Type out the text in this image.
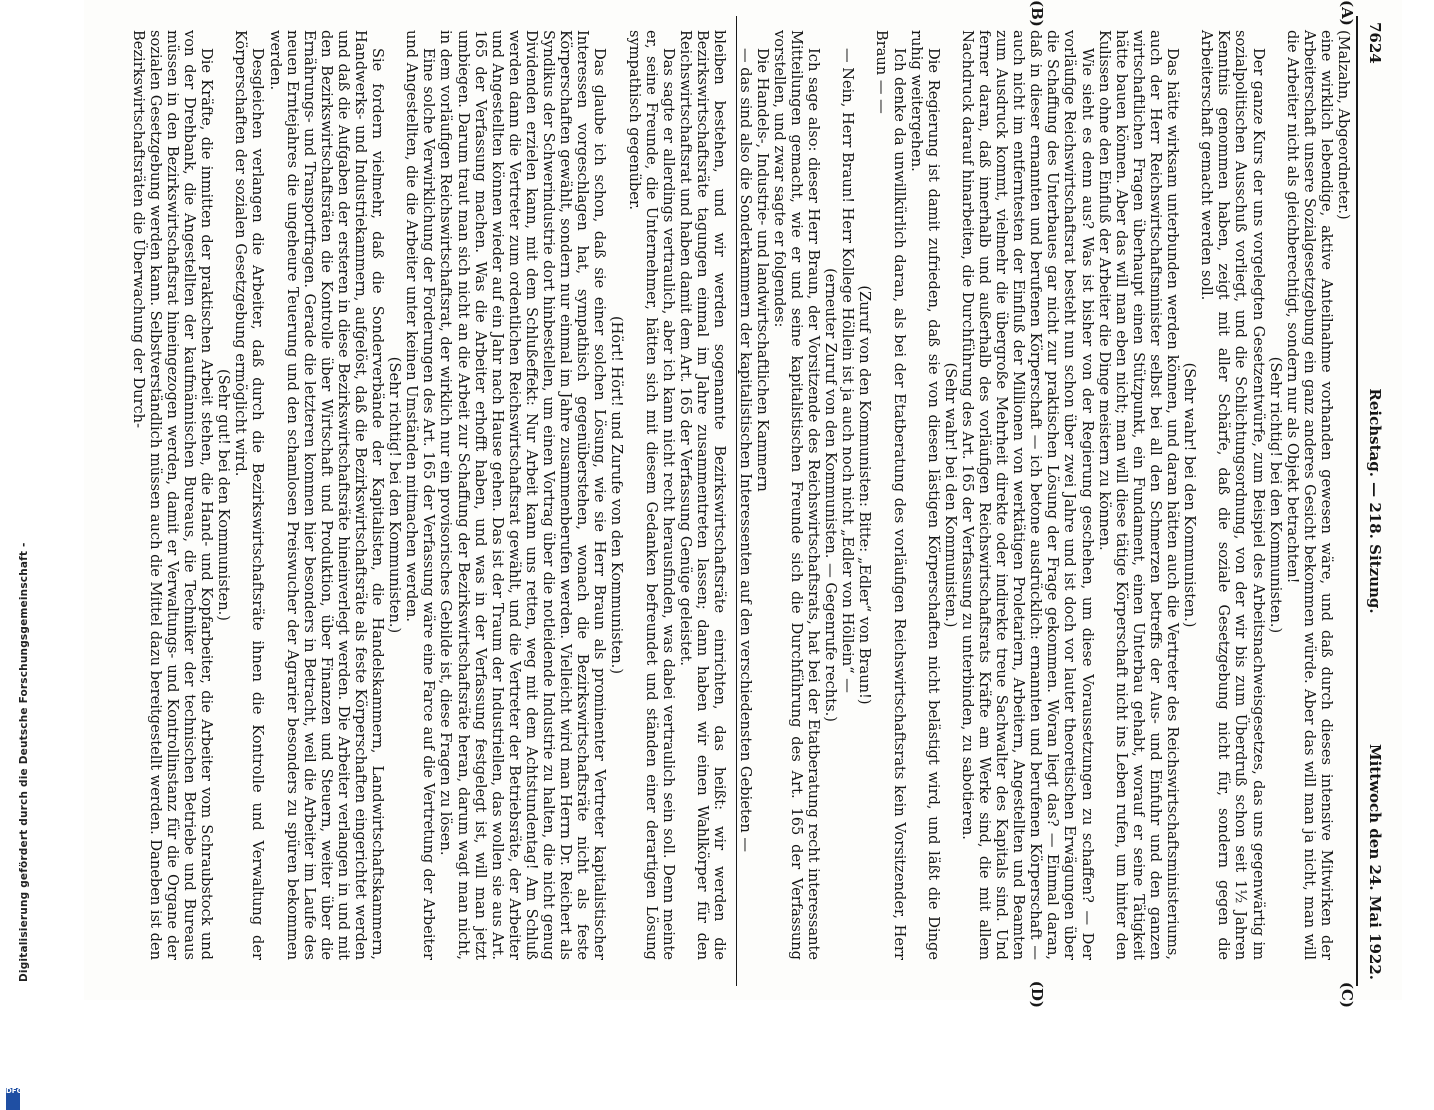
Digitalisierung gefördert durch die Deutsche Forschungsgemeinschaft -
DFG
7624
Reichstag. — 218. Sitzung.
Mittwoch den 24. Mai 1922.
(A)
(B)
(C)
(D)

(Malzahn, Abgeordneter.)

eine wirklich lebendige, aktive Anteilnahme vorhanden gewesen wäre, und daß durch dieses intensive Mitwirken der Arbeiterschaft unsere Sozialgesetzgebung ein ganz anderes Gesicht bekommen würde. Aber das will man ja nicht, man will die Arbeiter nicht als gleichberechtigt, sondern nur als Objekt betrachten!

(Sehr richtig! bei den Kommunisten.)

Der ganze Kurs der uns vorgelegten Gesetzentwürfe, zum Beispiel des Arbeitsnachweisgesetzes, das uns gegenwärtig im sozialpolitischen Ausschuß vorliegt, und die Schlichtungsordnung, von der wir bis zum Überdruß schon seit 1½ Jahren Kenntnis genommen haben, zeigt mit aller Schärfe, daß die soziale Gesetzgebung nicht für, sondern gegen die Arbeiterschaft gemacht werden soll.

(Sehr wahr! bei den Kommunisten.)

Das hätte wirksam unterbunden werden können, und daran hätten auch die Vertreter des Reichswirtschaftsministeriums, auch der Herr Reichswirtschaftsminister selbst bei all den Schmerzen betreffs der Aus- und Einfuhr und den ganzen wirtschaftlichen Fragen überhaupt einen Stützpunkt, ein Fundament, einen Unterbau gehabt, worauf er seine Tätigkeit hätte bauen können. Aber das will man eben nicht; man will diese tätige Körperschaft nicht ins Leben rufen, um hinter den Kulissen ohne den Einfluß der Arbeiter die Dinge meistern zu können.

Wie sieht es denn aus? Was ist bisher von der Regierung geschehen, um diese Voraussetzungen zu schaffen? — Der vorläufige Reichswirtschaftsrat besteht nun schon über zwei Jahre und ist doch vor lauter theoretischen Erwägungen über die Schaffung des Unterbaues gar nicht zur praktischen Lösung der Frage gekommen. Woran liegt das? — Einmal daran, daß in dieser ernannten und berufenen Körperschaft — ich betone ausdrücklich: ernannten und berufenen Körperschaft — auch nicht im entferntesten der Einfluß der Millionen von werktätigen Proletariern, Arbeitern, Angestellten und Beamten zum Ausdruck kommt, vielmehr die übergroße Mehrheit direkte oder indirekte treue Sachwalter des Kapitals sind. Und ferner daran, daß innerhalb und außerhalb des vorläufigen Reichswirtschaftsrats Kräfte am Werke sind, die mit allem Nachdruck darauf hinarbeiten, die Durchführung des Art. 165 der Verfassung zu unterbinden, zu sabotieren.

(Sehr wahr! bei den Kommunisten.)

Die Regierung ist damit zufrieden, daß sie von diesen lästigen Körperschaften nicht belästigt wird, und läßt die Dinge ruhig weitergehen.

Ich denke da unwillkürlich daran, als bei der Etatberatung des vorläufigen Reichswirtschaftsrats kein Vorsitzender, Herr Braun — —

(Zuruf von den Kommunisten: Bitte: „Edler“ von Braun!)

— Nein, Herr Braun! Herr Kollege Höllein ist ja auch noch nicht „Edler von Höllein“ —

(erneuter Zuruf von den Kommunisten. — Gegenrufe rechts.)

Ich sage also: dieser Herr Braun, der Vorsitzende des Reichswirtschaftsrats, hat bei der Etatberatung recht interessante Mitteilungen gemacht, wie er und seine kapitalistischen Freunde sich die Durchführung des Art. 165 der Verfassung vorstellen, und zwar sagte er folgendes:

Die Handels-, Industrie- und landwirtschaftlichen Kammern

— das sind also die Sonderkammern der kapitalistischen Interessenten auf den verschiedensten Gebieten —

bleiben bestehen, und wir werden sogenannte Bezirkswirtschaftsräte einrichten, das heißt: wir werden die Bezirkswirtschaftsräte tagungen einmal im Jahre zusammentreten lassen; dann haben wir einen Wahlkörper für den Reichswirtschaftsrat und haben damit dem Art. 165 der Verfassung Genüge geleistet.

Das sagte er allerdings vertraulich, aber ich kann nicht recht herausfinden, was dabei vertraulich sein soll. Denn meinte er, seine Freunde, die Unternehmer, hätten sich mit diesem Gedanken befreundet und ständen einer derartigen Lösung sympathisch gegenüber.

(Hört! Hört! und Zurufe von den Kommunisten.)

Das glaube ich schon, daß sie einer solchen Lösung, wie sie Herr Braun als prominenter Vertreter kapitalistischer Interessen vorgeschlagen hat, sympathisch gegenüberstehen, wonach die Bezirkswirtschaftsräte nicht als feste Körperschaften gewählt, sondern nur einmal im Jahre zusammenberufen werden. Vielleicht wird man Herrn Dr. Reichert als Syndikus der Schwerindustrie dort hinbestellen, um einen Vortrag über die notleidende Industrie zu halten, die nicht genug Dividenden erzielen kann, mit dem Schlußeffekt: Nur Arbeit kann uns retten, weg mit dem Achtstundentag! Am Schluß werden dann die Vertreter zum ordentlichen Reichswirtschaftsrat gewählt, und die Vertreter der Betriebsräte, der Arbeiter und Angestellten können wieder auf ein Jahr nach Hause gehen. Das ist der Traum der Industriellen, das wollen sie aus Art. 165 der Verfassung machen. Was die Arbeiter erhofft haben, und was in der Verfassung festgelegt ist, will man jetzt umbiegen. Darum traut man sich nicht an die Arbeit zur Schaffung der Bezirkswirtschaftsräte heran, darum wagt man nicht, in dem vorläufigen Reichswirtschaftsrat, der wirklich nur ein provisorisches Gebilde ist, diese Fragen zu lösen.

Eine solche Verwirklichung der Forderungen des Art. 165 der Verfassung wäre eine Farce auf die Vertretung der Arbeiter und Angestellten, die die Arbeiter unter keinen Umständen mitmachen werden.

(Sehr richtig! bei den Kommunisten.)

Sie fordern vielmehr, daß die Sonderverbände der Kapitalisten, die Handelskammern, Landwirtschaftskammern, Handwerks- und Industriekammern, aufgelöst, daß die Bezirkswirtschaftsräte als feste Körperschaften eingerichtet werden und daß die Aufgaben der ersteren in diese Bezirkswirtschaftsräte hineinverlegt werden. Die Arbeiter verlangen in und mit den Bezirkswirtschaftsräten die Kontrolle über Wirtschaft und Produktion, über Finanzen und Steuern, weiter über die Ernährungs- und Transportfragen. Gerade die letzteren kommen hier besonders in Betracht, weil die Arbeiter im Laufe des neuen Erntejahres die ungeheure Teuerung und den schamlosen Preiswucher der Agrarier besonders zu spüren bekommen werden.

Desgleichen verlangen die Arbeiter, daß durch die Bezirkswirtschaftsräte ihnen die Kontrolle und Verwaltung der Körperschaften der sozialen Gesetzgebung ermöglicht wird.

(Sehr gut! bei den Kommunisten.)

Die Kräfte, die inmitten der praktischen Arbeit stehen, die Hand- und Kopfarbeiter, die Arbeiter vom Schraubstock und von der Drehbank, die Angestellten der kaufmännischen Bureaus, die Techniker der technischen Betriebe und Bureaus müssen in den Bezirkswirtschaftsrat hineingezogen werden, damit er Verwaltungs- und Kontrollinstanz für die Organe der sozialen Gesetzgebung werden kann. Selbstverständlich müssen auch die Mittel dazu bereitgestellt werden. Daneben ist den Bezirkswirtschaftsräten die Überwachung der Durch-
